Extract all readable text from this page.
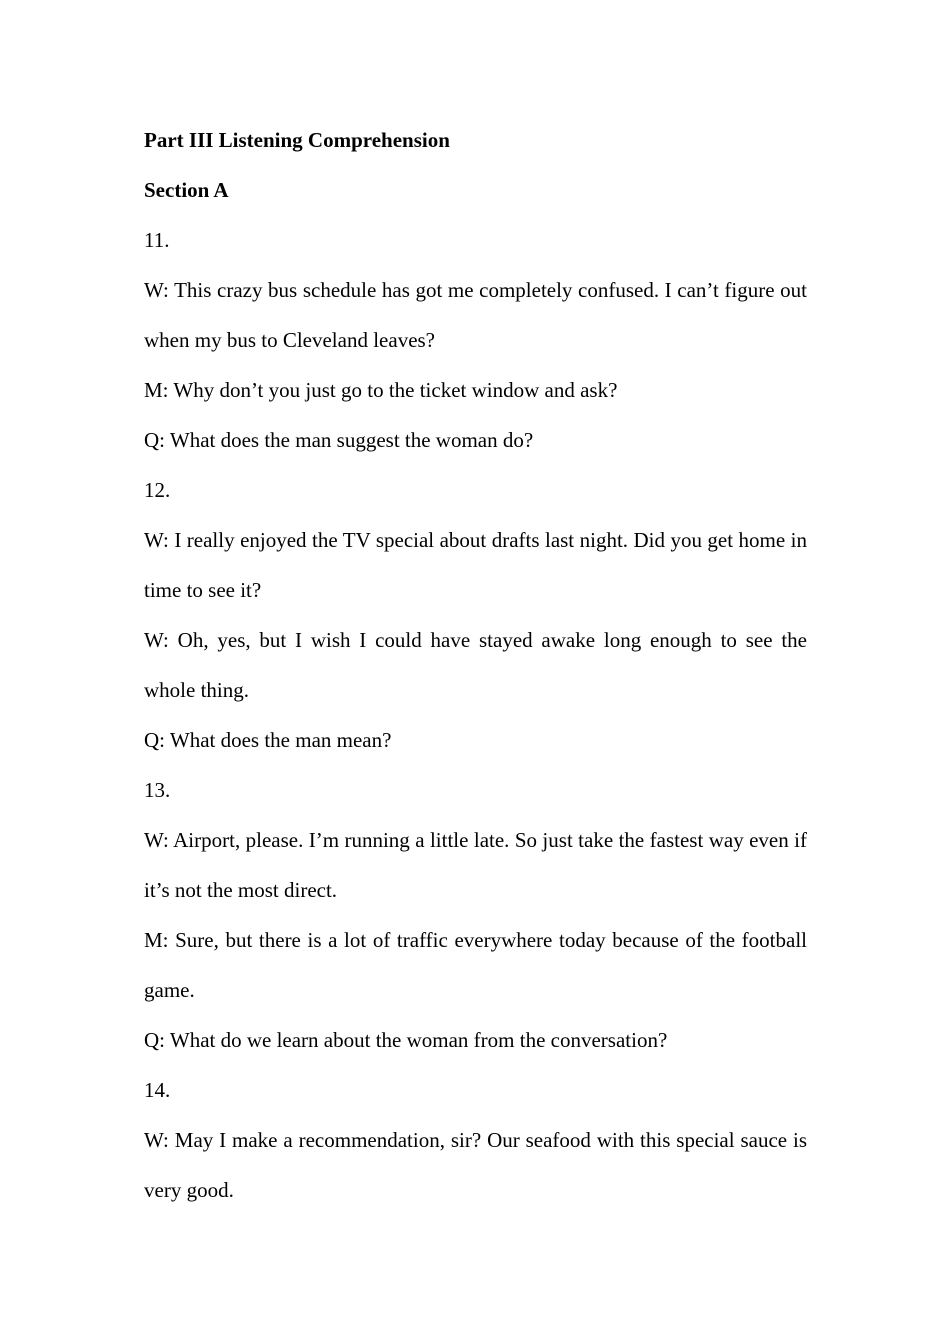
Part III Listening Comprehension

Section A

11.

W: This crazy bus schedule has got me completely confused. I can’t figure out when my bus to Cleveland leaves?

M: Why don’t you just go to the ticket window and ask?

Q: What does the man suggest the woman do?

12.

W: I really enjoyed the TV special about drafts last night. Did you get home in time to see it?

W: Oh, yes, but I wish I could have stayed awake long enough to see the whole thing.

Q: What does the man mean?

13.

W: Airport, please. I’m running a little late. So just take the fastest way even if it’s not the most direct.

M: Sure, but there is a lot of traffic everywhere today because of the football game.

Q: What do we learn about the woman from the conversation?

14.

W: May I make a recommendation, sir? Our seafood with this special sauce is very good.
